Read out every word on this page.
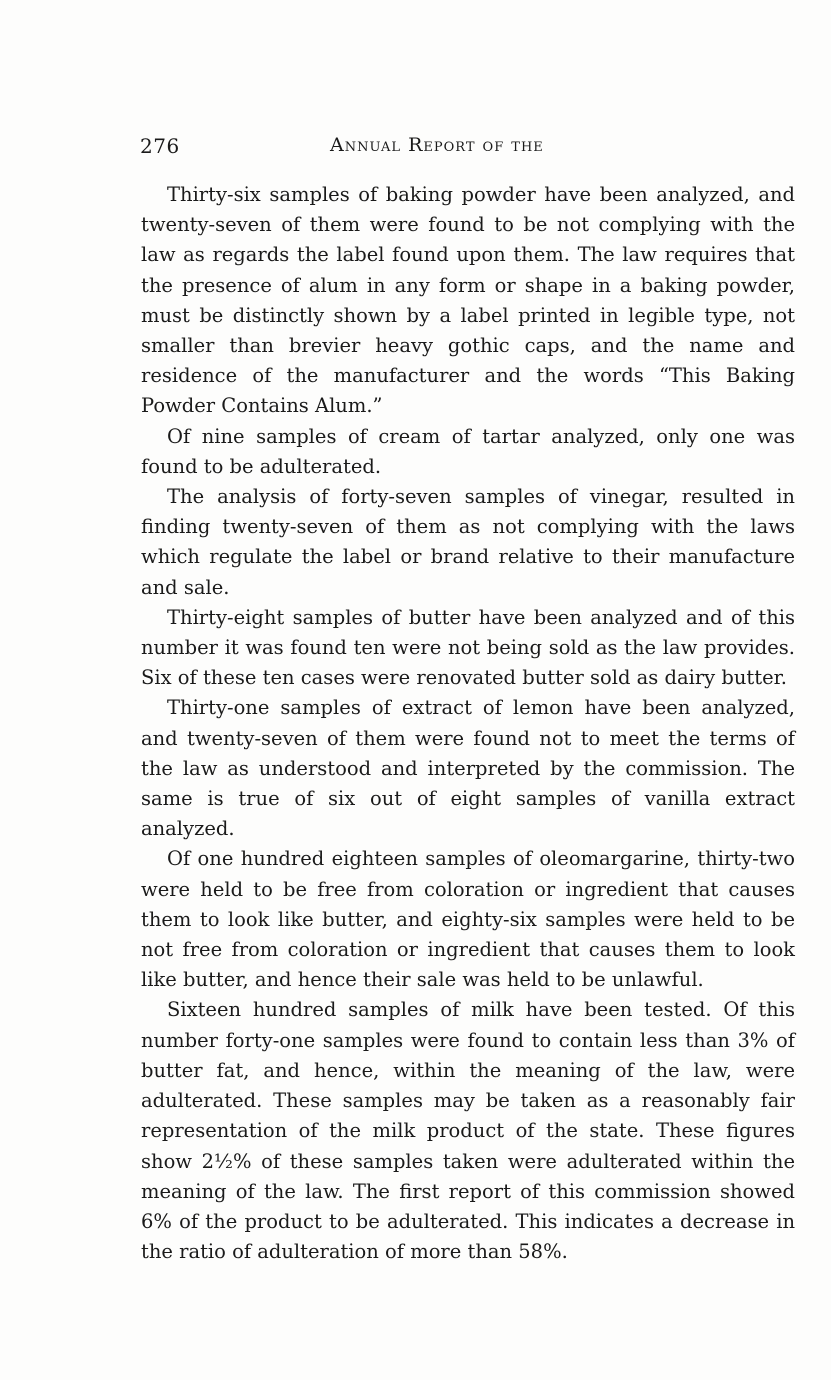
276	Annual Report of the

Thirty-six samples of baking powder have been analyzed, and twenty-seven of them were found to be not complying with the law as regards the label found upon them. The law requires that the presence of alum in any form or shape in a baking powder, must be distinctly shown by a label printed in legible type, not smaller than brevier heavy gothic caps, and the name and residence of the manufacturer and the words “This Baking Powder Contains Alum.”

Of nine samples of cream of tartar analyzed, only one was found to be adulterated.

The analysis of forty-seven samples of vinegar, resulted in finding twenty-seven of them as not complying with the laws which regulate the label or brand relative to their manufacture and sale.

Thirty-eight samples of butter have been analyzed and of this number it was found ten were not being sold as the law provides. Six of these ten cases were renovated butter sold as dairy butter.

Thirty-one samples of extract of lemon have been analyzed, and twenty-seven of them were found not to meet the terms of the law as understood and interpreted by the commission. The same is true of six out of eight samples of vanilla extract analyzed.

Of one hundred eighteen samples of oleomargarine, thirty-two were held to be free from coloration or ingredient that causes them to look like butter, and eighty-six samples were held to be not free from coloration or ingredient that causes them to look like butter, and hence their sale was held to be unlawful.

Sixteen hundred samples of milk have been tested. Of this number forty-one samples were found to contain less than 3% of butter fat, and hence, within the meaning of the law, were adulterated. These samples may be taken as a reasonably fair representation of the milk product of the state. These figures show 2½% of these samples taken were adulterated within the meaning of the law. The first report of this commission showed 6% of the product to be adulterated. This indicates a decrease in the ratio of adulteration of more than 58%.
